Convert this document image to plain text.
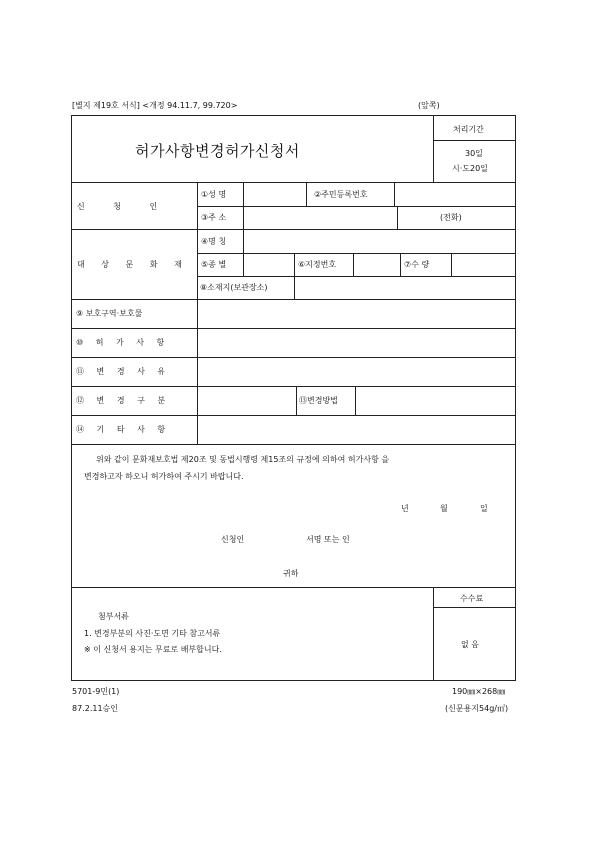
[별지 제19호 서식] <개정 94.11.7, 99.720>	(앞쪽)
허가사항변경허가신청서
처리기간
30일
시·도20일
신 청 인
①성 명	②주민등록번호
③주 소	(전화)
대 상 문 화 재
④명 칭
⑤종 별	⑥지정번호	⑦수 량
⑧소재지(보관장소)
⑨ 보호구역·보호물
⑩ 허 가 사 항
⑪ 변 경 사 유
⑫ 변 경 구 분	⑬변경방법
⑭ 기 타 사 항
위와 같이 문화재보호법 제20조 및 동법시행령 제15조의 규정에 의하여 허가사항 을
변경하고자 하오니 허가하여 주시기 바랍니다.
년	월	일
신청인	서명 또는 인
귀하
첨부서류
1. 변경부분의 사진·도면 기타 참고서류
※ 이 신청서 용지는 무료로 배부합니다.
수수료
없 음
5701-9민(1)
87.2.11승인
190㎜×268㎜
(신문용지54g/㎡)
